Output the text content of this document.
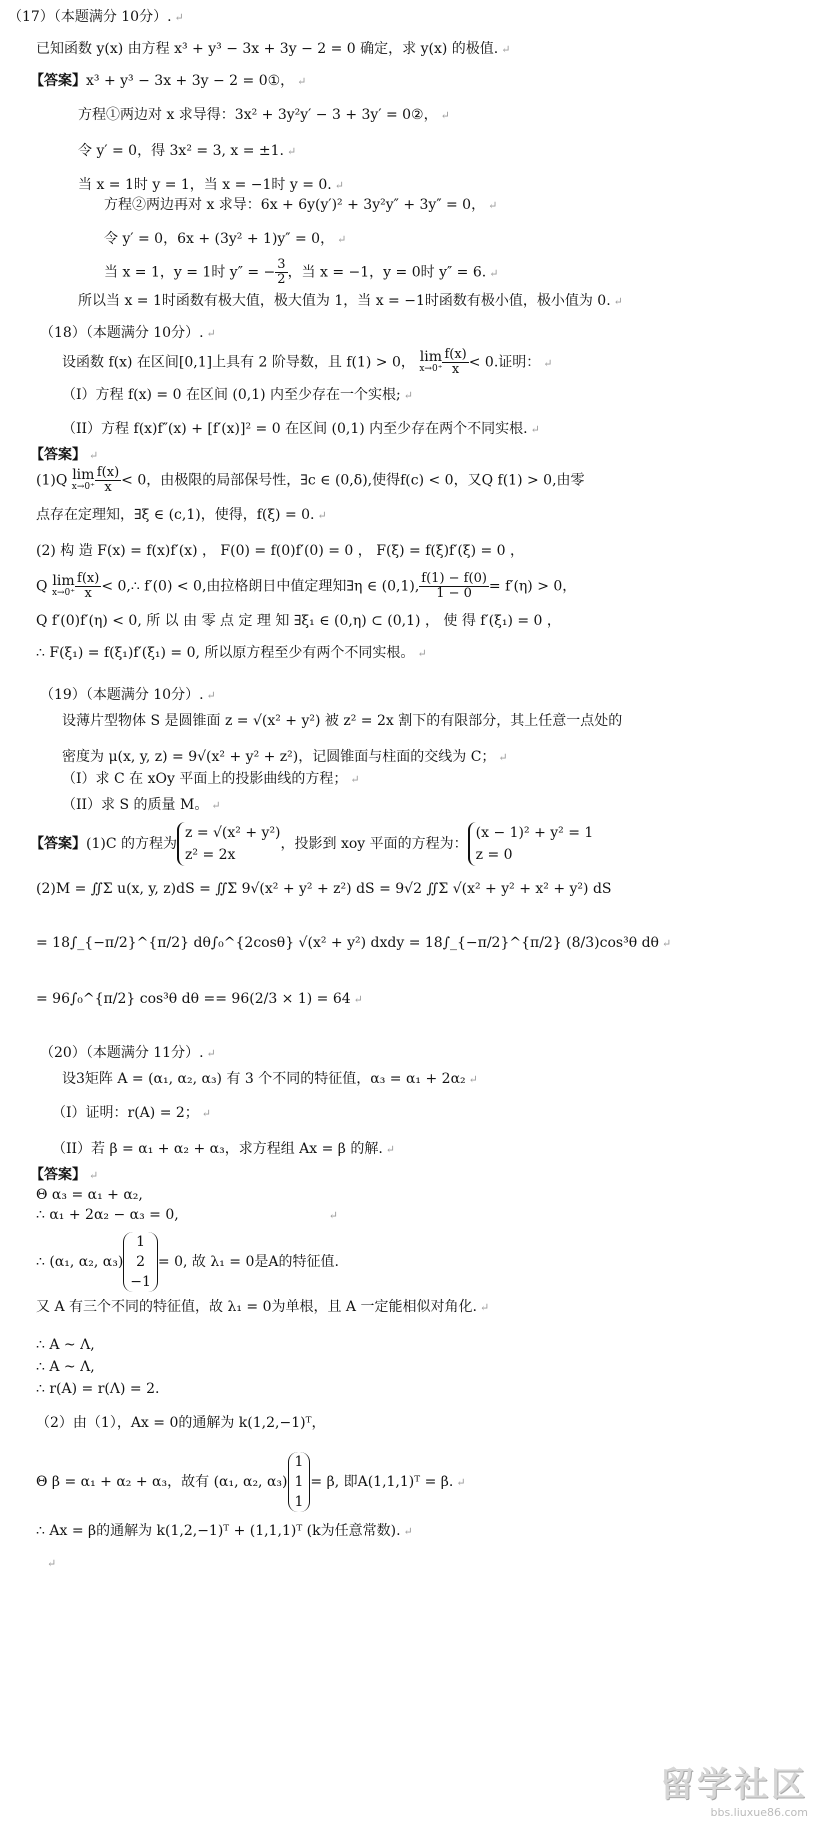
（17）（本题满分 10分）. ↵
已知函数 y(x) 由方程 x³ + y³ − 3x + 3y − 2 = 0 确定，求 y(x) 的极值. ↵
【答案】x³ + y³ − 3x + 3y − 2 = 0①， ↵
方程①两边对 x 求导得：3x² + 3y²y′ − 3 + 3y′ = 0②， ↵
令 y′ = 0，得 3x² = 3, x = ±1. ↵
当 x = 1时 y = 1，当 x = −1时 y = 0. ↵
方程②两边再对 x 求导：6x + 6y(y′)² + 3y²y″ + 3y″ = 0， ↵
令 y′ = 0，6x + (3y² + 1)y″ = 0， ↵
当 x = 1，y = 1时 y″ = − $\frac{3}{2}$ ，当 x = −1，y = 0时 y″ = 6. ↵
所以当 x = 1时函数有极大值，极大值为 1，当 x = −1时函数有极小值，极小值为 0. ↵
（18）（本题满分 10分）. ↵
设函数 f(x) 在区间[0,1]上具有 2 阶导数，且 f(1) > 0， lim
$x\to 0^+ \frac{f(x)}{x} < 0$.证明： ↵
（I）方程 f(x) = 0 在区间 (0,1) 内至少存在一个实根; ↵
（II）方程 f(x)f″(x) + [f′(x)]² = 0 在区间 (0,1) 内至少存在两个不同实根. ↵
【答案】 ↵
(1)Q lim
$x\to 0^+ \frac{f(x)}{x} < 0$，由极限的局部保号性，∃c ∈ (0,δ),使得f(c) < 0，又Q f(1) > 0,由零
点存在定理知，∃ξ ∈ (c,1)，使得，f(ξ) = 0. ↵
(2) 构 造 F(x) = f(x)f′(x) ， F(0) = f(0)f′(0) = 0 ， F(ξ) = f(ξ)f′(ξ) = 0 ，
Q lim
$x\to 0^+ \frac{f(x)}{x}$ < 0,∴ f′(0) < 0,由拉格朗日中值定理知∃η ∈ (0,1), $\frac{f(1) - f(0)}{1 - 0} = f'(\eta) > 0$，
Q f′(0)f′(η) < 0, 所 以 由 零 点 定 理 知 ∃ξ₁ ∈ (0,η) ⊂ (0,1) ， 使 得 f′(ξ₁) = 0 ，
∴ F(ξ₁) = f(ξ₁)f′(ξ₁) = 0, 所以原方程至少有两个不同实根。 ↵
（19）（本题满分 10分）. ↵
设薄片型物体 S 是圆锥面 z = √(x² + y²) 被 z² = 2x 割下的有限部分，其上任意一点处的
密度为 μ(x, y, z) = 9√(x² + y² + z²)，记圆锥面与柱面的交线为 C； ↵
（I）求 C 在 xOy 平面上的投影曲线的方程； ↵
（II）求 S 的质量 M。 ↵
【答案】(1)C 的方程为
z = √(x² + y²)
z² = 2x
，投影到 xoy 平面的方程为：
(x − 1)² + y² = 1
z = 0
(2)M = ∬Σ u(x, y, z)dS = ∬Σ 9√(x² + y² + z²) dS = 9√2 ∬Σ √(x² + y² + x² + y²) dS
= 18∫_{−π/2}^{π/2} dθ∫₀^{2cosθ} √(x² + y²) dxdy = 18∫_{−π/2}^{π/2} (8/3)cos³θ dθ ↵
= 96∫₀^{π/2} cos³θ dθ == 96(2/3 × 1) = 64 ↵
（20）（本题满分 11分）. ↵
设3矩阵 A = (α₁, α₂, α₃) 有 3 个不同的特征值，α₃ = α₁ + 2α₂ ↵
（I）证明：r(A) = 2； ↵
（II）若 β = α₁ + α₂ + α₃，求方程组 Ax = β 的解. ↵
【答案】 ↵
Θ α₃ = α₁ + α₂,
∴ α₁ + 2α₂ − α₃ = 0,	↵
∴ (α₁, α₂, α₃)
1
2
−1
= 0, 故 λ₁ = 0是A的特征值.
又 A 有三个不同的特征值，故 λ₁ = 0为单根，且 A 一定能相似对角化. ↵
∴ A ~ Λ,
∴ A ~ Λ,
∴ r(A) = r(Λ) = 2.
（2）由（1），Ax = 0的通解为 k(1,2,−1)ᵀ，
Θ β = α₁ + α₂ + α₃，故有 (α₁, α₂, α₃)
1
1
1
= β, 即A(1,1,1)ᵀ = β. ↵
∴ Ax = β的通解为 k(1,2,−1)ᵀ + (1,1,1)ᵀ (k为任意常数). ↵
↵
留学社区
bbs.liuxue86.com
